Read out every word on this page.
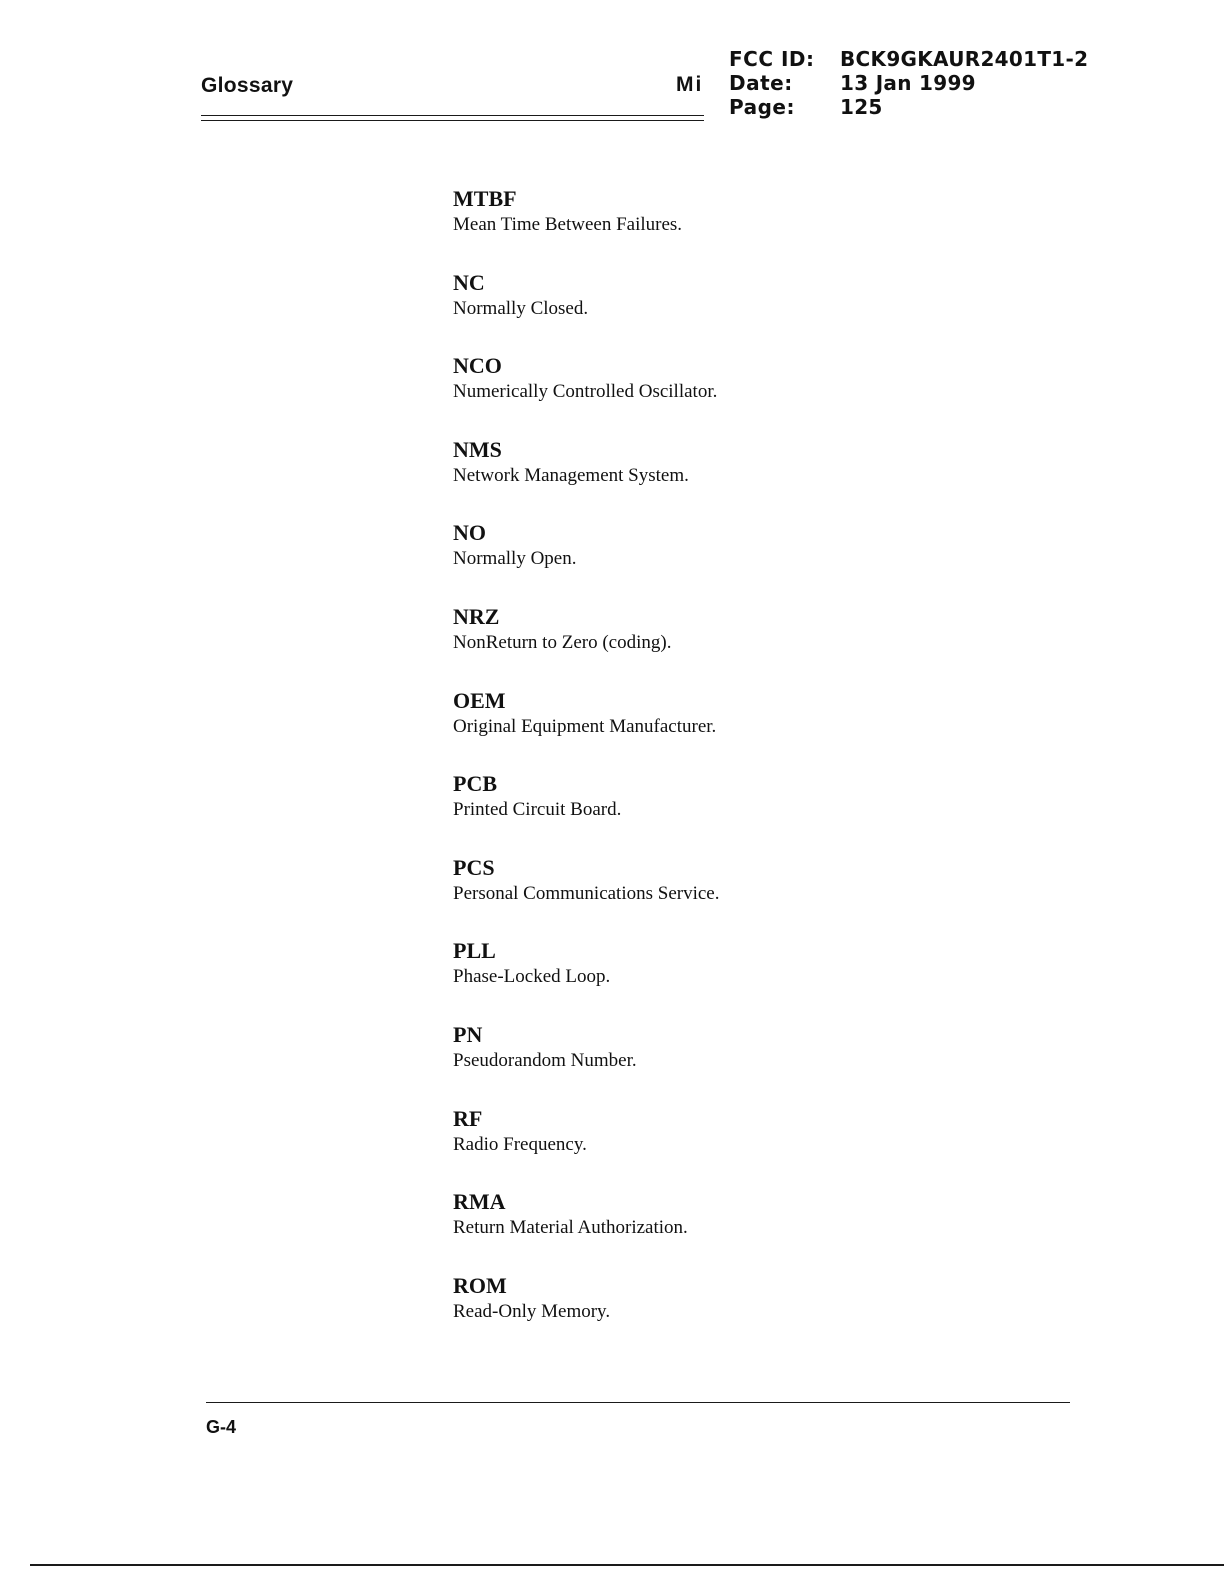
Glossary	Mi
FCC ID:	BCK9GKAUR2401T1-2
Date:	13 Jan 1999
Page:	125
MTBF
Mean Time Between Failures.
NC
Normally Closed.
NCO
Numerically Controlled Oscillator.
NMS
Network Management System.
NO
Normally Open.
NRZ
NonReturn to Zero (coding).
OEM
Original Equipment Manufacturer.
PCB
Printed Circuit Board.
PCS
Personal Communications Service.
PLL
Phase-Locked Loop.
PN
Pseudorandom Number.
RF
Radio Frequency.
RMA
Return Material Authorization.
ROM
Read-Only Memory.
G-4
